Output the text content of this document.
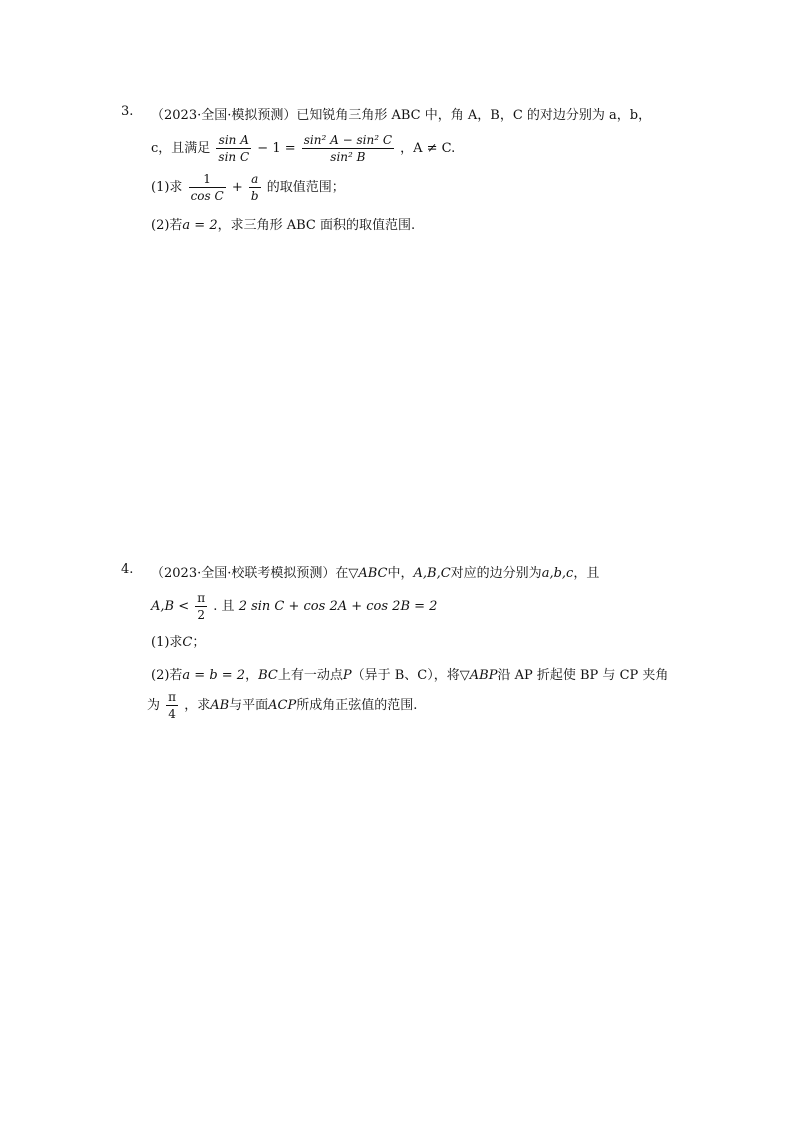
3. （2023·全国·模拟预测）已知锐角三角形 ABC 中，角 A，B，C 的对边分别为 a，b，
c，且满足 $\frac{\text{sin A}}{\text{sin C}} - 1 = \frac{\text{sin² A − sin² C}}{\text{sin² B}}$ ，A ≠ C.
(1)求 $\frac{1}{\text{cos C}} + \frac{a}{b}$ 的取值范围；
(2)若a = 2，求三角形 ABC 面积的取值范围.
4. （2023·全国·校联考模拟预测）在▽ABC中，A,B,C对应的边分别为a,b,c，且
$A,B < \frac{\pi}{2}$ . 且 2 sin C + cos 2A + cos 2B = 2
(1)求C；
(2)若a = b = 2，BC上有一动点P（异于 B、C），将▽ABP沿 AP 折起使 BP 与 CP 夹角
为 $\frac{\pi}{4}$ ，求AB与平面ACP所成角正弦值的范围.
